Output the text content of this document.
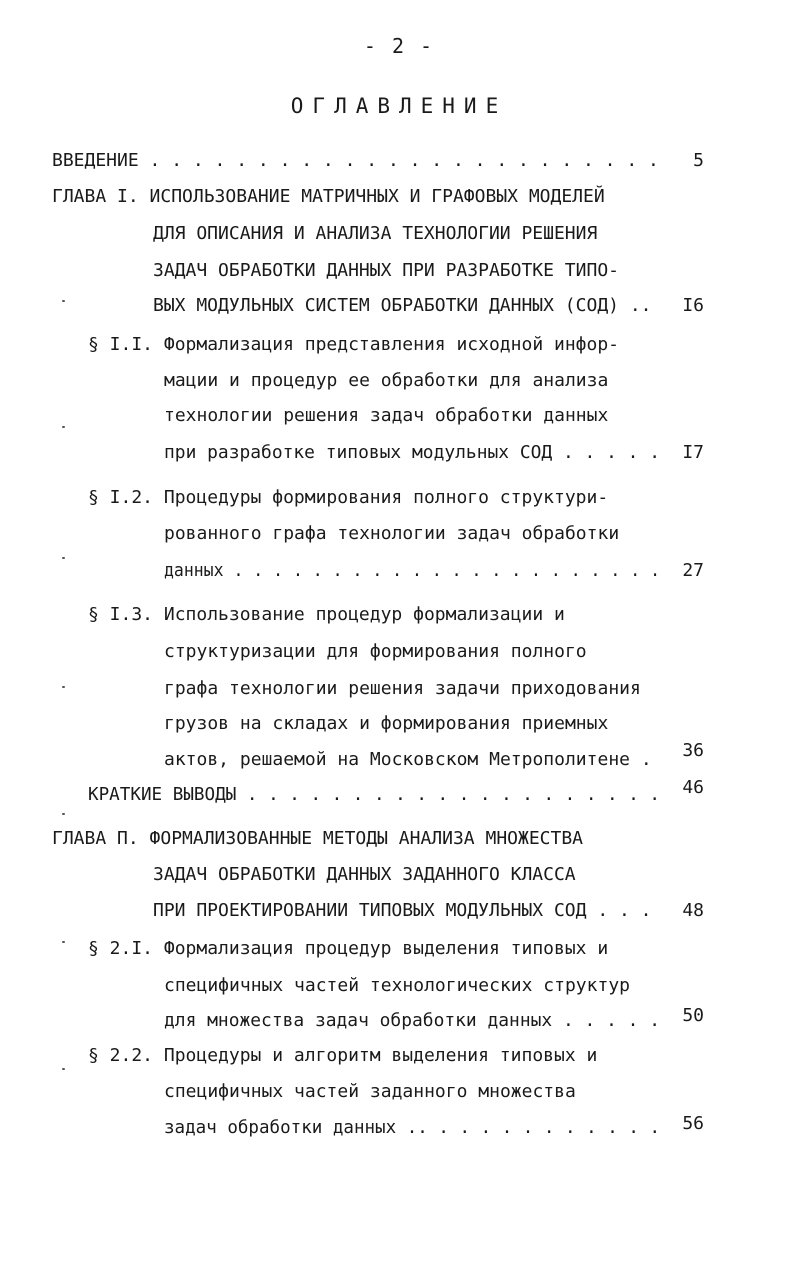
- 2 -
ОГЛАВЛЕНИЕ
ВВЕДЕНИЕ . . . . . . . . . . . . . . . . . . . . . . . .	5
ГЛАВА I. ИСПОЛЬЗОВАНИЕ МАТРИЧНЫХ И ГРАФОВЫХ МОДЕЛЕЙ
ДЛЯ ОПИСАНИЯ И АНАЛИЗА ТЕХНОЛОГИИ РЕШЕНИЯ
ЗАДАЧ ОБРАБОТКИ ДАННЫХ ПРИ РАЗРАБОТКЕ ТИПО-
ВЫХ МОДУЛЬНЫХ СИСТЕМ ОБРАБОТКИ ДАННЫХ (СОД) ..	I6
§ I.I. Формализация представления исходной инфор-
мации и процедур ее обработки для анализа
технологии решения задач обработки данных
при разработке типовых модульных СОД . . . . .	I7
§ I.2. Процедуры формирования полного структури-
рованного графа технологии задач обработки
данных . . . . . . . . . . . . . . . . . . . . . .	27
§ I.3. Использование процедур формализации и
структуризации для формирования полного
графа технологии решения задачи приходования
грузов на складах и формирования приемных
актов, решаемой на Московском Метрополитене .	36
КРАТКИЕ ВЫВОДЫ . . . . . . . . . . . . . . . . . . . .	46
ГЛАВА П. ФОРМАЛИЗОВАННЫЕ МЕТОДЫ АНАЛИЗА МНОЖЕСТВА
ЗАДАЧ ОБРАБОТКИ ДАННЫХ ЗАДАННОГО КЛАССА
ПРИ ПРОЕКТИРОВАНИИ ТИПОВЫХ МОДУЛЬНЫХ СОД . . .	48
§ 2.I. Формализация процедур выделения типовых и
специфичных частей технологических структур
для множества задач обработки данных . . . . .	50
§ 2.2. Процедуры и алгоритм выделения типовых и
специфичных частей заданного множества
задач обработки данных .. . . . . . . . . . . .	56
